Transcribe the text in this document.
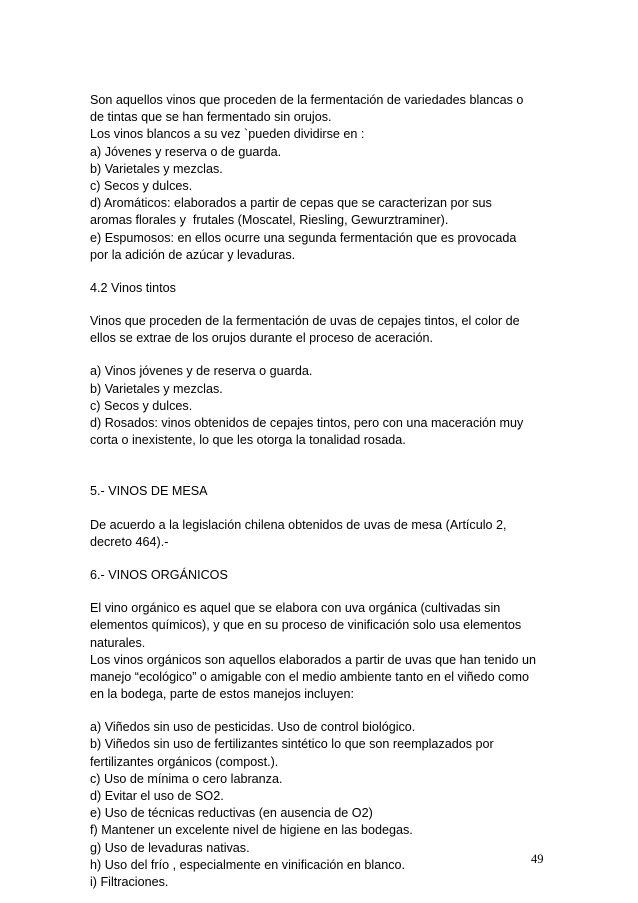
Son aquellos vinos que proceden de la fermentación de variedades blancas o
de tintas que se han fermentado sin orujos.
Los vinos blancos a su vez `pueden dividirse en :
a) Jóvenes y reserva o de guarda.
b) Varietales y mezclas.
c) Secos y dulces.
d) Aromáticos: elaborados a partir de cepas que se caracterizan por sus
aromas florales y  frutales (Moscatel, Riesling, Gewurztraminer).
e) Espumosos: en ellos ocurre una segunda fermentación que es provocada
por la adición de azúcar y levaduras.
4.2 Vinos tintos
Vinos que proceden de la fermentación de uvas de cepajes tintos, el color de
ellos se extrae de los orujos durante el proceso de aceración.
a) Vinos jóvenes y de reserva o guarda.
b) Varietales y mezclas.
c) Secos y dulces.
d) Rosados: vinos obtenidos de cepajes tintos, pero con una maceración muy
corta o inexistente, lo que les otorga la tonalidad rosada.
5.- VINOS DE MESA
De acuerdo a la legislación chilena obtenidos de uvas de mesa (Artículo 2,
decreto 464).-
6.- VINOS ORGÁNICOS
El vino orgánico es aquel que se elabora con uva orgánica (cultivadas sin
elementos químicos), y que en su proceso de vinificación solo usa elementos
naturales.
Los vinos orgánicos son aquellos elaborados a partir de uvas que han tenido un
manejo “ecológico” o amigable con el medio ambiente tanto en el viñedo como
en la bodega, parte de estos manejos incluyen:
a) Viñedos sin uso de pesticidas. Uso de control biológico.
b) Viñedos sin uso de fertilizantes sintético lo que son reemplazados por
fertilizantes orgánicos (compost.).
c) Uso de mínima o cero labranza.
d) Evitar el uso de SO2.
e) Uso de técnicas reductivas (en ausencia de O2)
f) Mantener un excelente nivel de higiene en las bodegas.
g) Uso de levaduras nativas.
h) Uso del frío , especialmente en vinificación en blanco.
i) Filtraciones.
49
